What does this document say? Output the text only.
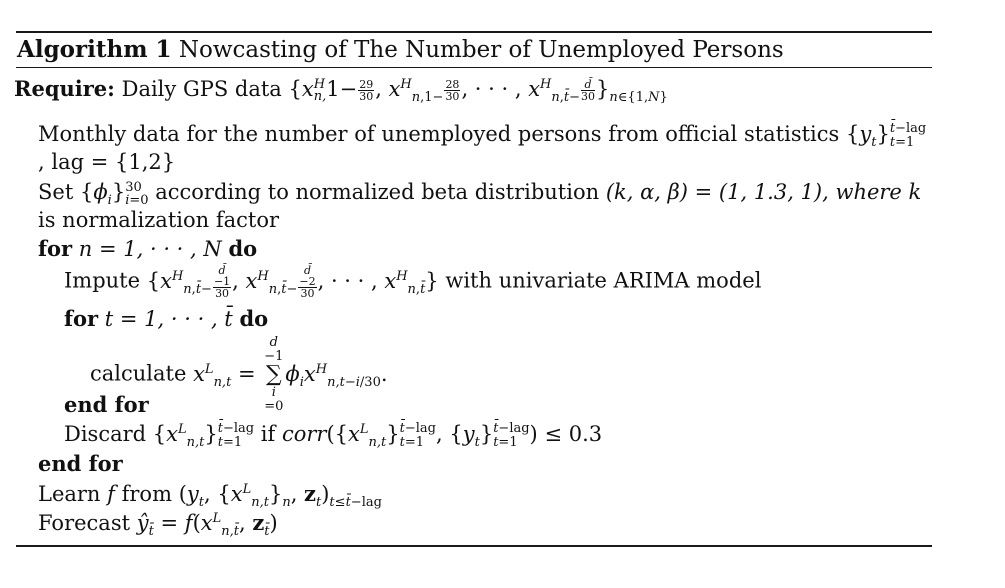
Algorithm 1 Nowcasting of The Number of Unemployed Persons
Require: Daily GPS data {x H
n, $1- \frac{29}{30}$ , $x^H_{n,1-} \frac{28}{30}$ , · · · , $x^H_{n,t̄-} \frac{d̄}{30} \}_{n\in\{1,N\}}$
Monthly data for the number of unemployed persons from official statistics $\{y_t\}$ t̄−lag
t=1
, lag = {1,2}
Set $\{\phi_i\}$ 30
i=0 according to normalized beta distribution (k, α, β) = (1, 1.3, 1), where k
is normalization factor
for n = 1, · · · , N do
Impute {$x^H_{n,t̄-}$ d̄
−1
30 , $x^H_{n,t̄-}$ d̄
−2
30 , · · · , $x^H_{n,t̄}$} with univariate ARIMA model
for t = 1, · · · , t̄ do
calculate $x^L_{n,t}$ =
d
−1
∑
i
=0
$\phi_ix^H_{n,t-i/30}$.
end for
Discard $\{x^L_{n,t}\}$ t̄−lag
t=1 if $corr(\{x^L_{n,t}\}$ t̄−lag
t=1 , $\{y_t\}$ t̄−lag
t=1 ) ≤ 0.3
end for
Learn f from ($y_t$, $\{x^L_{n,t}\}_n$, $z_t)_{t\le t̄-lag}$
Forecast $ŷ_{t̄} = f(x^L_{n,t̄}$, $z_{t̄}$)
